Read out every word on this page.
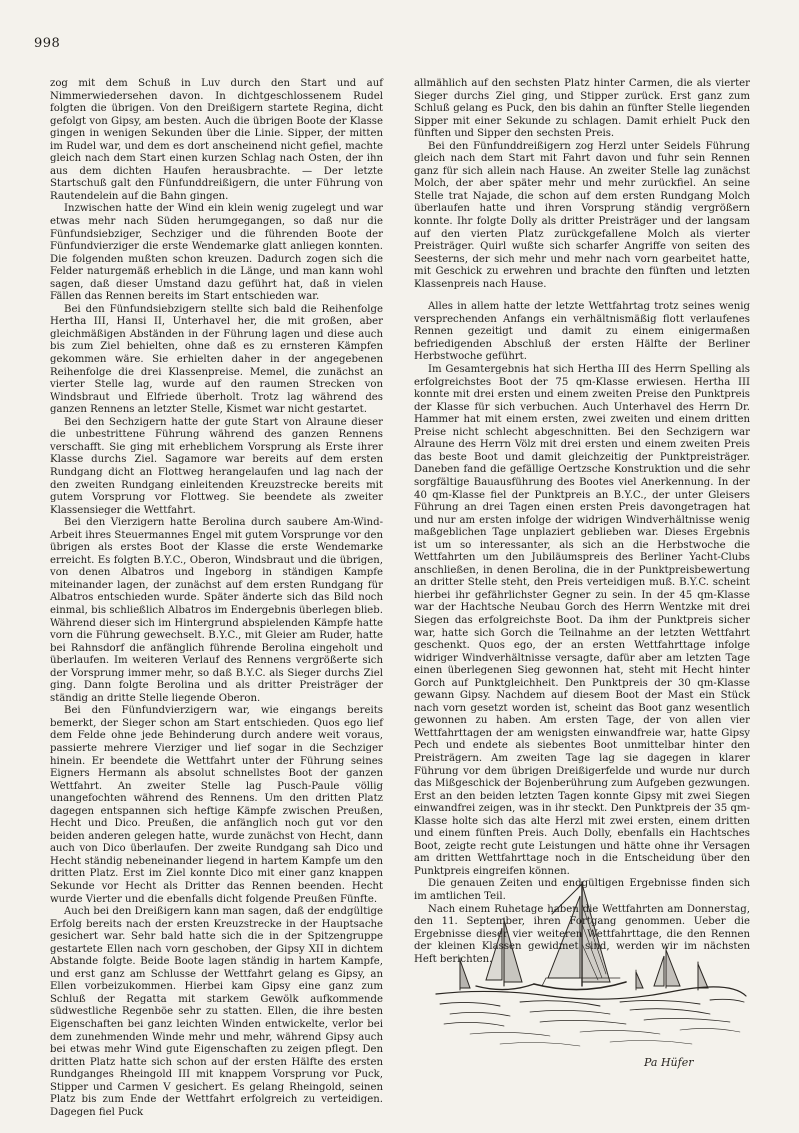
998

zog mit dem Schuß in Luv durch den Start und auf Nimmerwiedersehen davon. In dichtgeschlossenem Rudel folgten die übrigen. Von den Dreißigern startete Regina, dicht gefolgt von Gipsy, am besten. Auch die übrigen Boote der Klasse gingen in wenigen Sekunden über die Linie. Sipper, der mitten im Rudel war, und dem es dort anscheinend nicht gefiel, machte gleich nach dem Start einen kurzen Schlag nach Osten, der ihn aus dem dichten Haufen herausbrachte. — Der letzte Startschuß galt den Fünfunddreißigern, die unter Führung von Rautendelein auf die Bahn gingen.

Inzwischen hatte der Wind ein klein wenig zugelegt und war etwas mehr nach Süden herumgegangen, so daß nur die Fünfundsiebziger, Sechziger und die führenden Boote der Fünfundvierziger die erste Wendemarke glatt anliegen konnten. Die folgenden mußten schon kreuzen. Dadurch zogen sich die Felder naturgemäß erheblich in die Länge, und man kann wohl sagen, daß dieser Umstand dazu geführt hat, daß in vielen Fällen das Rennen bereits im Start entschieden war.

Bei den Fünfundsiebzigern stellte sich bald die Reihenfolge Hertha III, Hansi II, Unterhavel her, die mit großen, aber gleichmäßigen Abständen in der Führung lagen und diese auch bis zum Ziel behielten, ohne daß es zu ernsteren Kämpfen gekommen wäre. Sie erhielten daher in der angegebenen Reihenfolge die drei Klassenpreise. Memel, die zunächst an vierter Stelle lag, wurde auf den raumen Strecken von Windsbraut und Elfriede überholt. Trotz lag während des ganzen Rennens an letzter Stelle, Kismet war nicht gestartet.

Bei den Sechzigern hatte der gute Start von Alraune dieser die unbestrittene Führung während des ganzen Rennens verschafft. Sie ging mit erheblichem Vorsprung als Erste ihrer Klasse durchs Ziel. Sagamore war bereits auf dem ersten Rundgang dicht an Flottweg herangelaufen und lag nach der den zweiten Rundgang einleitenden Kreuzstrecke bereits mit gutem Vorsprung vor Flottweg. Sie beendete als zweiter Klassensieger die Wettfahrt.

Bei den Vierzigern hatte Berolina durch saubere Am-Wind-Arbeit ihres Steuermannes Engel mit gutem Vorsprunge vor den übrigen als erstes Boot der Klasse die erste Wendemarke erreicht. Es folgten B.Y.C., Oberon, Windsbraut und die übrigen, von denen Albatros und Ingeborg in ständigen Kampfe miteinander lagen, der zunächst auf dem ersten Rundgang für Albatros entschieden wurde. Später änderte sich das Bild noch einmal, bis schließlich Albatros im Endergebnis überlegen blieb. Während dieser sich im Hintergrund abspielenden Kämpfe hatte vorn die Führung gewechselt. B.Y.C., mit Gleier am Ruder, hatte bei Rahnsdorf die anfänglich führende Berolina eingeholt und überlaufen. Im weiteren Verlauf des Rennens vergrößerte sich der Vorsprung immer mehr, so daß B.Y.C. als Sieger durchs Ziel ging. Dann folgte Berolina und als dritter Preisträger der ständig an dritte Stelle liegende Oberon.

Bei den Fünfundvierzigern war, wie eingangs bereits bemerkt, der Sieger schon am Start entschieden. Quos ego lief dem Felde ohne jede Behinderung durch andere weit voraus, passierte mehrere Vierziger und lief sogar in die Sechziger hinein. Er beendete die Wettfahrt unter der Führung seines Eigners Hermann als absolut schnellstes Boot der ganzen Wettfahrt. An zweiter Stelle lag Pusch-Paule völlig unangefochten während des Rennens. Um den dritten Platz dagegen entspannen sich heftige Kämpfe zwischen Preußen, Hecht und Dico. Preußen, die anfänglich noch gut vor den beiden anderen gelegen hatte, wurde zunächst von Hecht, dann auch von Dico überlaufen. Der zweite Rundgang sah Dico und Hecht ständig nebeneinander liegend in hartem Kampfe um den dritten Platz. Erst im Ziel konnte Dico mit einer ganz knappen Sekunde vor Hecht als Dritter das Rennen beenden. Hecht wurde Vierter und die ebenfalls dicht folgende Preußen Fünfte.

Auch bei den Dreißigern kann man sagen, daß der endgültige Erfolg bereits nach der ersten Kreuzstrecke in der Hauptsache gesichert war. Sehr bald hatte sich die in der Spitzengruppe gestartete Ellen nach vorn geschoben, der Gipsy XII in dichtem Abstande folgte. Beide Boote lagen ständig in hartem Kampfe, und erst ganz am Schlusse der Wettfahrt gelang es Gipsy, an Ellen vorbeizukommen. Hierbei kam Gipsy eine ganz zum Schluß der Regatta mit starkem Gewölk aufkommende südwestliche Regenböe sehr zu statten. Ellen, die ihre besten Eigenschaften bei ganz leichten Winden entwickelte, verlor bei dem zunehmenden Winde mehr und mehr, während Gipsy auch bei etwas mehr Wind gute Eigenschaften zu zeigen pflegt. Den dritten Platz hatte sich schon auf der ersten Hälfte des ersten Rundganges Rheingold III mit knappem Vorsprung vor Puck, Stipper und Carmen V gesichert. Es gelang Rheingold, seinen Platz bis zum Ende der Wettfahrt erfolgreich zu verteidigen. Dagegen fiel Puck

allmählich auf den sechsten Platz hinter Carmen, die als vierter Sieger durchs Ziel ging, und Stipper zurück. Erst ganz zum Schluß gelang es Puck, den bis dahin an fünfter Stelle liegenden Sipper mit einer Sekunde zu schlagen. Damit erhielt Puck den fünften und Sipper den sechsten Preis.

Bei den Fünfunddreißigern zog Herzl unter Seidels Führung gleich nach dem Start mit Fahrt davon und fuhr sein Rennen ganz für sich allein nach Hause. An zweiter Stelle lag zunächst Molch, der aber später mehr und mehr zurückfiel. An seine Stelle trat Najade, die schon auf dem ersten Rundgang Molch überlaufen hatte und ihren Vorsprung ständig vergrößern konnte. Ihr folgte Dolly als dritter Preisträger und der langsam auf den vierten Platz zurückgefallene Molch als vierter Preisträger. Quirl wußte sich scharfer Angriffe von seiten des Seesterns, der sich mehr und mehr nach vorn gearbeitet hatte, mit Geschick zu erwehren und brachte den fünften und letzten Klassenpreis nach Hause.

Alles in allem hatte der letzte Wettfahrtag trotz seines wenig versprechenden Anfangs ein verhältnismäßig flott verlaufenes Rennen gezeitigt und damit zu einem einigermaßen befriedigenden Abschluß der ersten Hälfte der Berliner Herbstwoche geführt.

Im Gesamtergebnis hat sich Hertha III des Herrn Spelling als erfolgreichstes Boot der 75 qm-Klasse erwiesen. Hertha III konnte mit drei ersten und einem zweiten Preise den Punktpreis der Klasse für sich verbuchen. Auch Unterhavel des Herrn Dr. Hammer hat mit einem ersten, zwei zweiten und einem dritten Preise nicht schlecht abgeschnitten. Bei den Sechzigern war Alraune des Herrn Völz mit drei ersten und einem zweiten Preis das beste Boot und damit gleichzeitig der Punktpreisträger. Daneben fand die gefällige Oertzsche Konstruktion und die sehr sorgfältige Bauausführung des Bootes viel Anerkennung. In der 40 qm-Klasse fiel der Punktpreis an B.Y.C., der unter Gleisers Führung an drei Tagen einen ersten Preis davongetragen hat und nur am ersten infolge der widrigen Windverhältnisse wenig maßgeblichen Tage unplaziert geblieben war. Dieses Ergebnis ist um so interessanter, als sich an die Herbstwoche die Wettfahrten um den Jubiläumspreis des Berliner Yacht-Clubs anschließen, in denen Berolina, die in der Punktpreisbewertung an dritter Stelle steht, den Preis verteidigen muß. B.Y.C. scheint hierbei ihr gefährlichster Gegner zu sein. In der 45 qm-Klasse war der Hachtsche Neubau Gorch des Herrn Wentzke mit drei Siegen das erfolgreichste Boot. Da ihm der Punktpreis sicher war, hatte sich Gorch die Teilnahme an der letzten Wettfahrt geschenkt. Quos ego, der an ersten Wettfahrttage infolge widriger Windverhältnisse versagte, dafür aber am letzten Tage einen überlegenen Sieg gewonnen hat, steht mit Hecht hinter Gorch auf Punktgleichheit. Den Punktpreis der 30 qm-Klasse gewann Gipsy. Nachdem auf diesem Boot der Mast ein Stück nach vorn gesetzt worden ist, scheint das Boot ganz wesentlich gewonnen zu haben. Am ersten Tage, der von allen vier Wettfahrttagen der am wenigsten einwandfreie war, hatte Gipsy Pech und endete als siebentes Boot unmittelbar hinter den Preisträgern. Am zweiten Tage lag sie dagegen in klarer Führung vor dem übrigen Dreißigerfelde und wurde nur durch das Mißgeschick der Bojenberührung zum Aufgeben gezwungen. Erst an den beiden letzten Tagen konnte Gipsy mit zwei Siegen einwandfrei zeigen, was in ihr steckt. Den Punktpreis der 35 qm-Klasse holte sich das alte Herzl mit zwei ersten, einem dritten und einem fünften Preis. Auch Dolly, ebenfalls ein Hachtsches Boot, zeigte recht gute Leistungen und hätte ohne ihr Versagen am dritten Wettfahrttage noch in die Entscheidung über den Punktpreis eingreifen können.

Die genauen Zeiten und endgültigen Ergebnisse finden sich im amtlichen Teil.

Nach einem Ruhetage haben die Wettfahrten am Donnerstag, den 11. September, ihren Fortgang genommen. Ueber die Ergebnisse dieser vier weiteren Wettfahrttage, die den Rennen der kleinen Klassen gewidmet sind, werden wir im nächsten Heft berichten.

Pa Hüfer
